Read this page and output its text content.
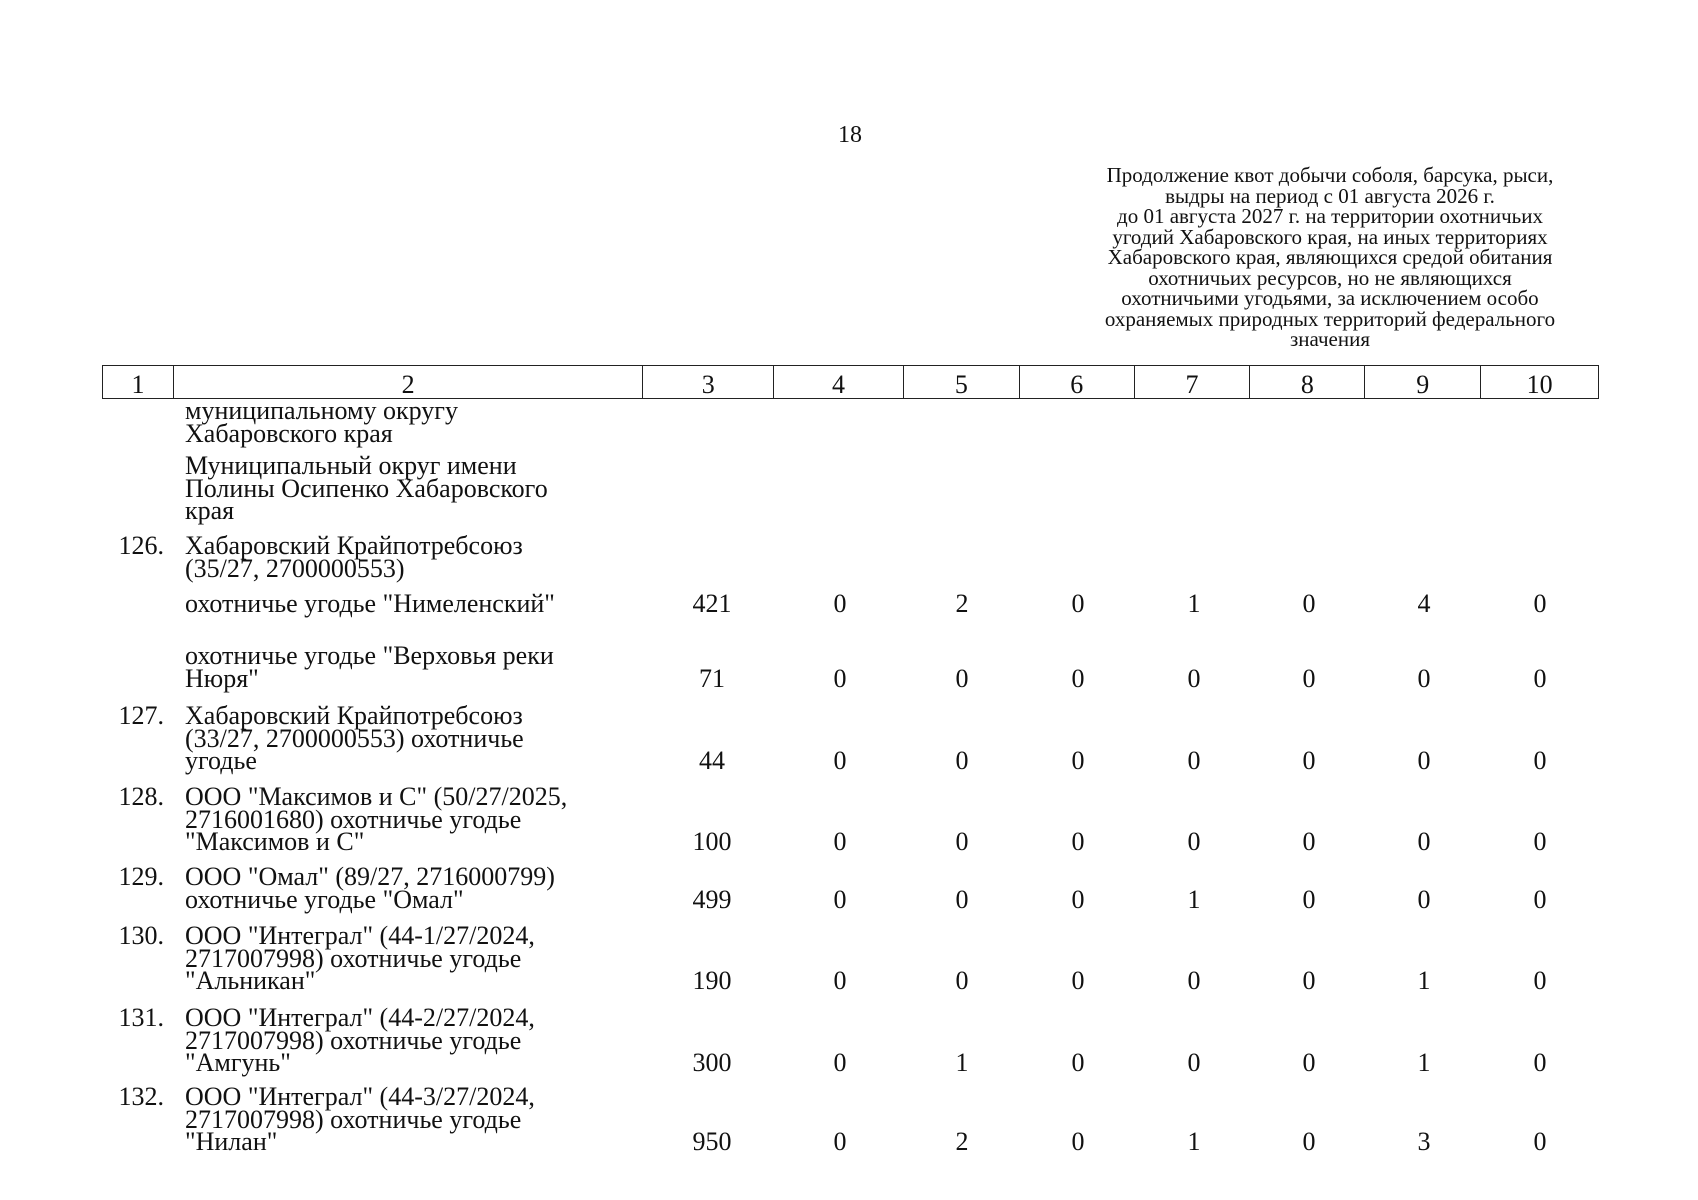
18
Продолжение квот добычи соболя, барсука, рыси,
выдры на период с 01 августа 2026 г.
до 01 августа 2027 г. на территории охотничьих
угодий Хабаровского края, на иных территориях
Хабаровского края, являющихся средой обитания
охотничьих ресурсов, но не являющихся
охотничьими угодьями, за исключением особо
охраняемых природных территорий федерального
значения
1	2	3	4	5	6	7	8	9	10
муниципальному округу
Хабаровского края
Муниципальный округ имени
Полины Осипенко Хабаровского
края
126. Хабаровский Крайпотребсоюз
(35/27, 2700000553)
охотничье угодье "Нимеленский"	421	0	2	0	1	0	4	0
охотничье угодье "Верховья реки
Нюря"	71	0	0	0	0	0	0	0
127. Хабаровский Крайпотребсоюз
(33/27, 2700000553) охотничье
угодье	44	0	0	0	0	0	0	0
128. ООО "Максимов и С" (50/27/2025,
2716001680) охотничье угодье
"Максимов и С"	100	0	0	0	0	0	0	0
129. ООО "Омал" (89/27, 2716000799)
охотничье угодье "Омал"	499	0	0	0	1	0	0	0
130. ООО "Интеграл" (44-1/27/2024,
2717007998) охотничье угодье
"Альникан"	190	0	0	0	0	0	1	0
131. ООО "Интеграл" (44-2/27/2024,
2717007998) охотничье угодье
"Амгунь"	300	0	1	0	0	0	1	0
132. ООО "Интеграл" (44-3/27/2024,
2717007998) охотничье угодье
"Нилан"	950	0	2	0	1	0	3	0
